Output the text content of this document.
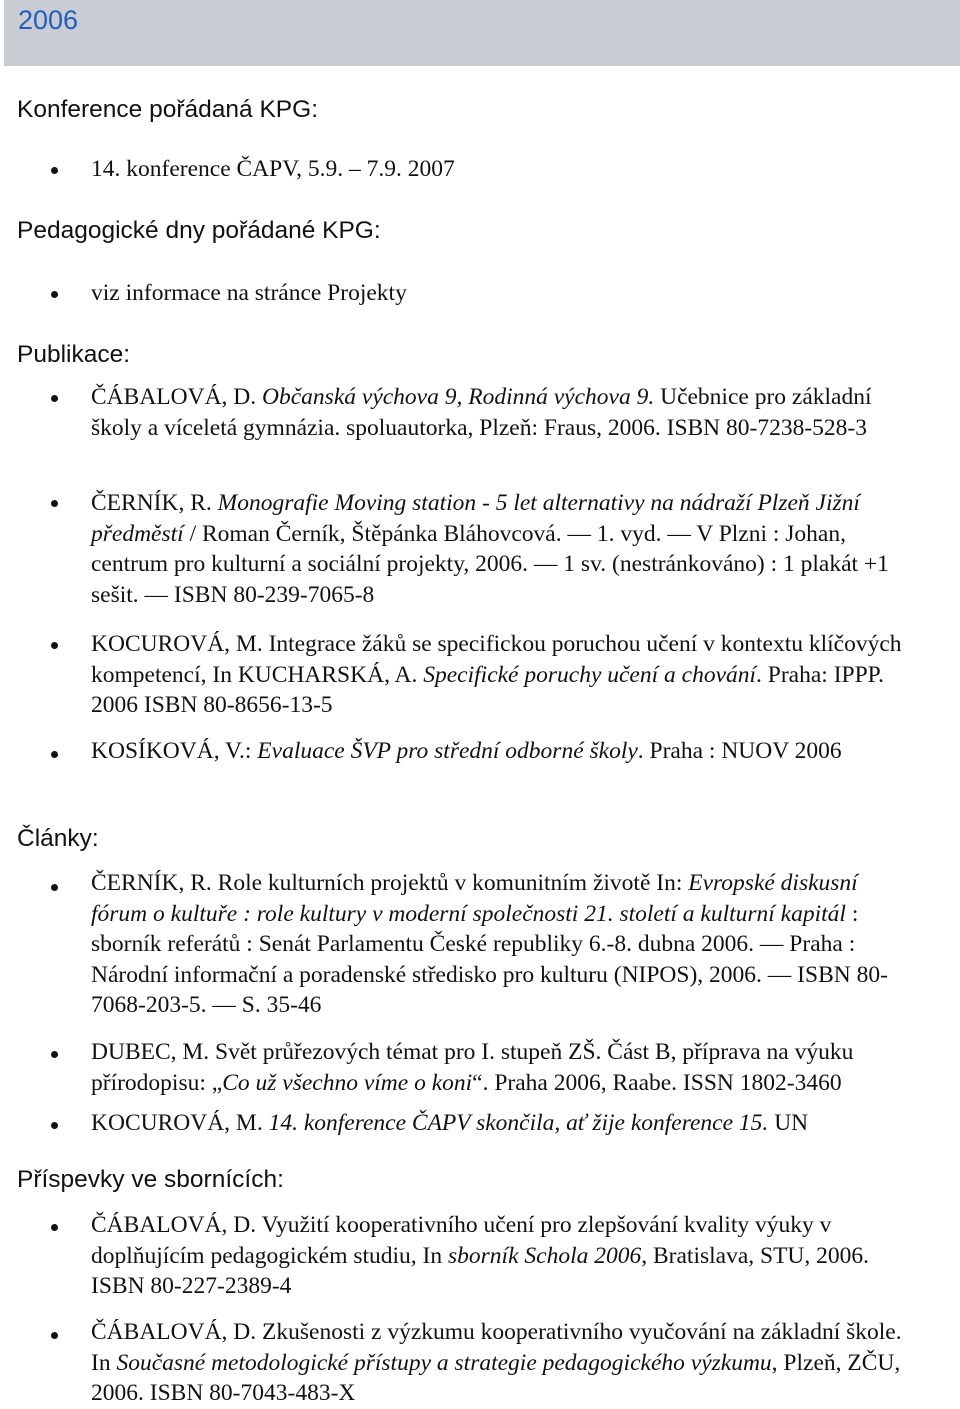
2006
Konference pořádaná KPG:
14. konference ČAPV, 5.9. – 7.9. 2007
Pedagogické dny pořádané KPG:
viz informace na stránce Projekty
Publikace:
ČÁBALOVÁ, D. Občanská výchova 9, Rodinná výchova 9. Učebnice pro základní školy a víceletá gymnázia. spoluautorka, Plzeň: Fraus, 2006. ISBN 80-7238-528-3
ČERNÍK, R. Monografie Moving station - 5 let alternativy na nádraží Plzeň Jižní předměstí / Roman Černík, Štěpánka Bláhovcová. — 1. vyd. — V Plzni : Johan, centrum pro kulturní a sociální projekty, 2006. — 1 sv. (nestránkováno) : 1 plakát +1 sešit. — ISBN 80-239-7065-8
KOCUROVÁ, M. Integrace žáků se specifickou poruchou učení v kontextu klíčových kompetencí, In KUCHARSKÁ, A. Specifické poruchy učení a chování. Praha: IPPP. 2006 ISBN 80-8656-13-5
KOSÍKOVÁ, V.: Evaluace ŠVP pro střední odborné školy. Praha : NUOV 2006
Články:
ČERNÍK, R. Role kulturních projektů v komunitním životě In: Evropské diskusní fórum o kultuře : role kultury v moderní společnosti 21. století a kulturní kapitál : sborník referátů : Senát Parlamentu České republiky 6.-8. dubna 2006. — Praha : Národní informační a poradenské středisko pro kulturu (NIPOS), 2006. — ISBN 80-7068-203-5. — S. 35-46
DUBEC, M. Svět průřezových témat pro I. stupeň ZŠ. Část B, příprava na výuku přírodopisu: „Co už všechno víme o koni“. Praha 2006, Raabe. ISSN 1802-3460
KOCUROVÁ, M. 14. konference ČAPV skončila, ať žije konference 15. UN
Příspevky ve sbornících:
ČÁBALOVÁ, D. Využití kooperativního učení pro zlepšování kvality výuky v doplňujícím pedagogickém studiu, In sborník Schola 2006, Bratislava, STU, 2006. ISBN 80-227-2389-4
ČÁBALOVÁ, D. Zkušenosti z výzkumu kooperativního vyučování na základní škole. In Současné metodologické přístupy a strategie pedagogického výzkumu, Plzeň, ZČU, 2006. ISBN 80-7043-483-X
